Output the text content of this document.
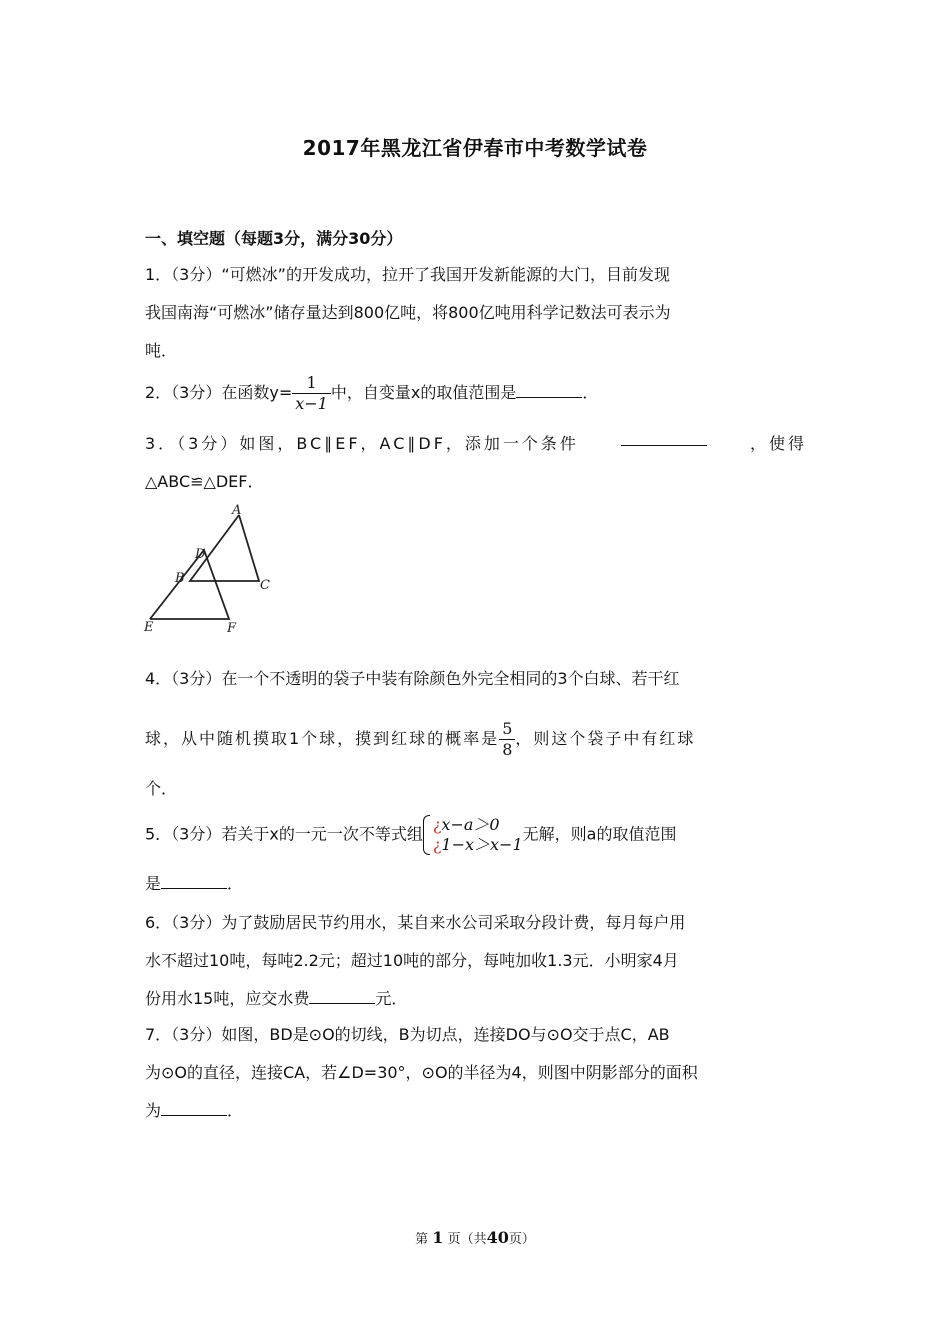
2017年黑龙江省伊春市中考数学试卷
一、填空题（每题3分，满分30分）
1．（3分）“可燃冰”的开发成功，拉开了我国开发新能源的大门，目前发现
我国南海“可燃冰”储存量达到800亿吨，将800亿吨用科学记数法可表示为
吨．
2．（3分）在函数$y= \frac{1}{x-1}$ 中，自变量x的取值范围是	．
3．（3分）如图，BC∥EF，AC∥DF，添加一个条件	，使得
△ABC≌△DEF．
A
B	C
D
E	F
4．（3分）在一个不透明的袋子中装有除颜色外完全相同的3个白球、若干红
球，从中随机摸取1个球，摸到红球的概率是 $\frac{5}{8}$ ，则这个袋子中有红球
个．
5．（3分）若关于x的一元一次不等式组 ¿x−a＞0
¿1−x＞x−1
无解，则a的取值范围
是	．
6．（3分）为了鼓励居民节约用水，某自来水公司采取分段计费，每月每户用
水不超过10吨，每吨2.2元；超过10吨的部分，每吨加收1.3元．小明家4月
份用水15吨，应交水费	元．
7．（3分）如图，BD是⊙O的切线，B为切点，连接DO与⊙O交于点C，AB
为⊙O的直径，连接CA，若∠D=30°，⊙O的半径为4，则图中阴影部分的面积
为	．
第 1 页（共40页）
